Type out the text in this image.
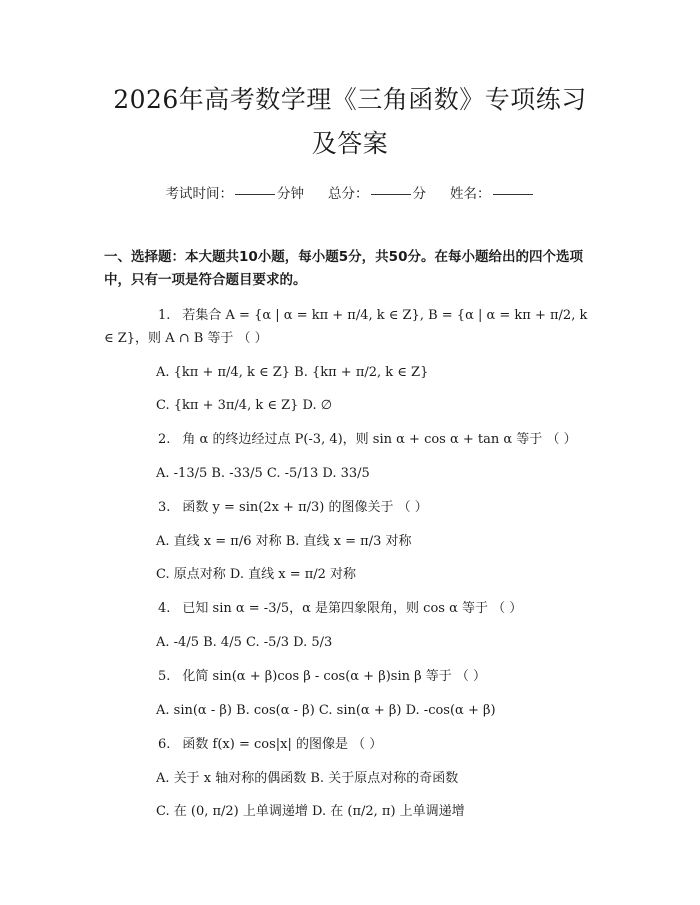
2026年高考数学理《三角函数》专项练习及答案
考试时间：	分钟 总分：	分 姓名：
一、选择题：本大题共10小题，每小题5分，共50分。在每小题给出的四个选项中，只有一项是符合题目要求的。
1. 若集合 A = {α | α = kπ + π/4, k ∈ Z}, B = {α | α = kπ + π/2, k ∈ Z}，则 A ∩ B 等于 （ ）
A. {kπ + π/4, k ∈ Z} B. {kπ + π/2, k ∈ Z}
C. {kπ + 3π/4, k ∈ Z} D. ∅
2. 角 α 的终边经过点 P(-3, 4)，则 sin α + cos α + tan α 等于 （ ）
A. -13/5 B. -33/5 C. -5/13 D. 33/5
3. 函数 y = sin(2x + π/3) 的图像关于 （ ）
A. 直线 x = π/6 对称 B. 直线 x = π/3 对称
C. 原点对称 D. 直线 x = π/2 对称
4. 已知 sin α = -3/5，α 是第四象限角，则 cos α 等于 （ ）
A. -4/5 B. 4/5 C. -5/3 D. 5/3
5. 化简 sin(α + β)cos β - cos(α + β)sin β 等于 （ ）
A. sin(α - β) B. cos(α - β) C. sin(α + β) D. -cos(α + β)
6. 函数 f(x) = cos|x| 的图像是 （ ）
A. 关于 x 轴对称的偶函数 B. 关于原点对称的奇函数
C. 在 (0, π/2) 上单调递增 D. 在 (π/2, π) 上单调递增
